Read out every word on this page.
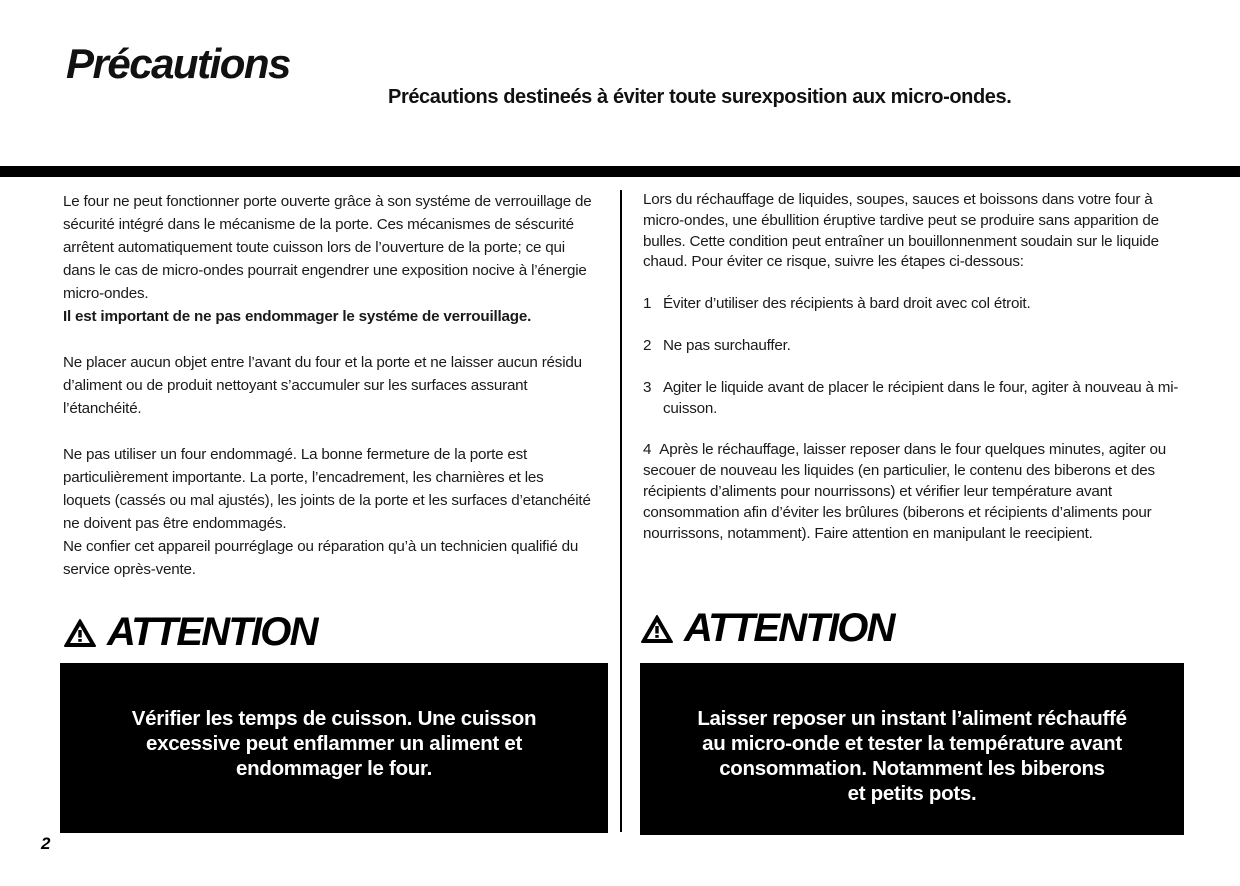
Précautions
Précautions destineés à éviter toute surexposition aux micro-ondes.

Le four ne peut fonctionner porte ouverte grâce à son systéme de verrouillage de sécurité intégré dans le mécanisme de la porte. Ces mécanismes de séscurité arrêtent automatiquement toute cuisson lors de l’ouverture de la porte; ce qui dans le cas de micro-ondes pourrait engendrer une exposition nocive à l’énergie micro-ondes.

Il est important de ne pas endommager le systéme de verrouillage.

Ne placer aucun objet entre l’avant du four et la porte et ne laisser aucun résidu d’aliment ou de produit nettoyant s’accumuler sur les surfaces assurant l’étanchéité.

Ne pas utiliser un four endommagé. La bonne fermeture de la porte est particulièrement importante. La porte, l’encadrement, les charnières et les loquets (cassés ou mal ajustés), les joints de la porte et les surfaces d’etanchéité ne doivent pas être endommagés.

Ne confier cet appareil pourréglage ou réparation qu’à un technicien qualifié du service oprès-vente.

Lors du réchauffage de liquides, soupes, sauces et boissons dans votre four à micro-ondes, une ébullition éruptive tardive peut se produire sans apparition de bulles. Cette condition peut entraîner un bouillonnenment soudain sur le liquide chaud. Pour éviter ce risque, suivre les étapes ci-dessous:

1 Éviter d’utiliser des récipients à bard droit avec col étroit.
2 Ne pas surchauffer.
3 Agiter le liquide avant de placer le récipient dans le four, agiter à nouveau à mi-cuisson.

4 Après le réchauffage, laisser reposer dans le four quelques minutes, agiter ou secouer de nouveau les liquides (en particulier, le contenu des biberons et des récipients d’aliments pour nourrissons) et vérifier leur température avant consommation afin d’éviter les brûlures (biberons et récipients d’aliments pour nourrissons, notamment). Faire attention en manipulant le reecipient.

ATTENTION
Vérifier les temps de cuisson. Une cuisson
excessive peut enflammer un aliment et
endommager le four.
ATTENTION
Laisser reposer un instant l’aliment réchauffé
au micro-onde et tester la température avant
consommation. Notamment les biberons
et petits pots.
2
